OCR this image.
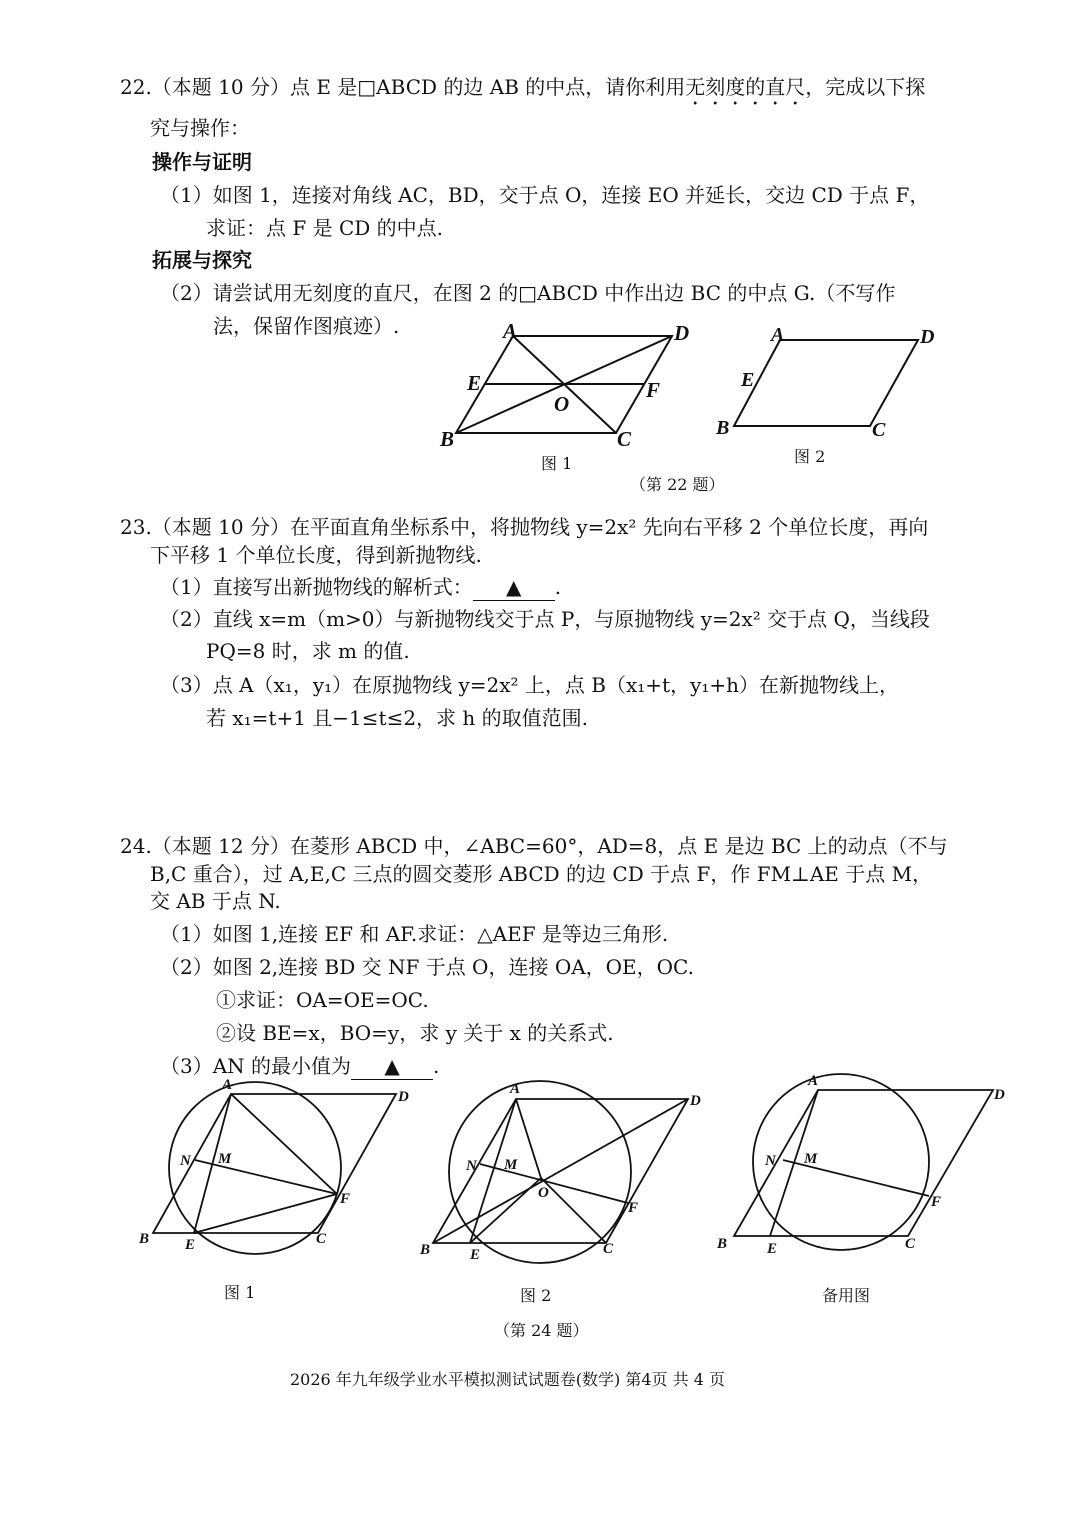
22.（本题 10 分）点 E 是□ABCD 的边 AB 的中点，请你利用无刻度的直尺，完成以下探
究与操作：
操作与证明
（1）如图 1，连接对角线 AC，BD，交于点 O，连接 EO 并延长，交边 CD 于点 F，
求证：点 F 是 CD 的中点.
拓展与探究
（2）请尝试用无刻度的直尺，在图 2 的□ABCD 中作出边 BC 的中点 G.（不写作
法，保留作图痕迹）.	A	D
E	F
O
B	C
A	D
E
B	C
图 1	图 2
（第 22 题）
23.（本题 10 分）在平面直角坐标系中，将抛物线 y=2x² 先向右平移 2 个单位长度，再向
下平移 1 个单位长度，得到新抛物线.
（1）直接写出新抛物线的解析式： ▲ .
（2）直线 x=m（m>0）与新抛物线交于点 P，与原抛物线 y=2x² 交于点 Q，当线段
PQ=8 时，求 m 的值.
（3）点 A（x₁，y₁）在原抛物线 y=2x² 上，点 B（x₁+t，y₁+h）在新抛物线上，
若 x₁=t+1 且−1≤t≤2，求 h 的取值范围.
24.（本题 12 分）在菱形 ABCD 中，∠ABC=60°，AD=8，点 E 是边 BC 上的动点（不与
B,C 重合），过 A,E,C 三点的圆交菱形 ABCD 的边 CD 于点 F，作 FM⊥AE 于点 M，
交 AB 于点 N.
（1）如图 1,连接 EF 和 AF.求证：△AEF 是等边三角形.
（2）如图 2,连接 BD 交 NF 于点 O，连接 OA，OE，OC.
①求证：OA=OE=OC.
②设 BE=x，BO=y，求 y 关于 x 的关系式.
（3）AN 的最小值为 ▲ .
A
D
N M
F
B E	C
A
D
N M
O
F
B	E	C
A
D
N M
F
B	E	C
图 1	图 2	备用图
（第 24 题）
2026 年九年级学业水平模拟测试试题卷(数学) 第4页 共 4 页
